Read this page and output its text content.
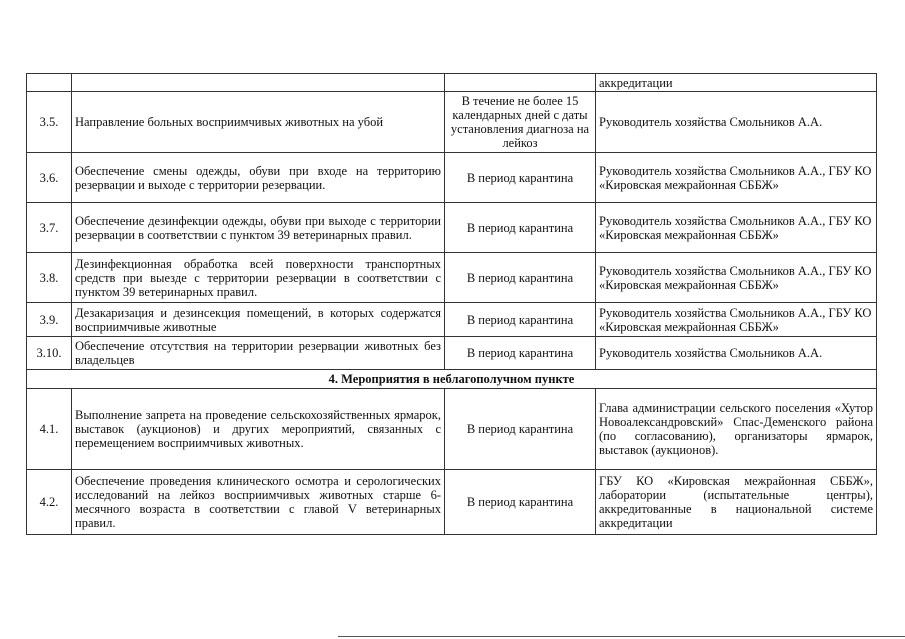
			аккредитации
3.5.	Направление больных восприимчивых животных на убой	В течение не более 15 календарных дней с даты установления диагноза на лейкоз	Руководитель хозяйства Смольников А.А.
3.6.	Обеспечение смены одежды, обуви при входе на территорию резервации и выходе с территории резервации.	В период карантина	Руководитель хозяйства Смольников А.А., ГБУ КО «Кировская межрайонная СББЖ»
3.7.	Обеспечение дезинфекции одежды, обуви при выходе с территории резервации в соответствии с пунктом 39 ветеринарных правил.	В период карантина	Руководитель хозяйства Смольников А.А., ГБУ КО «Кировская межрайонная СББЖ»
3.8.	Дезинфекционная обработка всей поверхности транспортных средств при выезде с территории резервации в соответствии с пунктом 39 ветеринарных правил.	В период карантина	Руководитель хозяйства Смольников А.А., ГБУ КО «Кировская межрайонная СББЖ»
3.9.	Дезакаризация и дезинсекция помещений, в которых содержатся восприимчивые животные	В период карантина	Руководитель хозяйства Смольников А.А., ГБУ КО «Кировская межрайонная СББЖ»
3.10.	Обеспечение отсутствия на территории резервации животных без владельцев	В период карантина	Руководитель хозяйства Смольников А.А.
4. Мероприятия в неблагополучном пункте			
4.1.	Выполнение запрета на проведение сельскохозяйственных ярмарок, выставок (аукционов) и других мероприятий, связанных с перемещением восприимчивых животных.	В период карантина	Глава администрации сельского поселения «Хутор Новоалександровский» Спас-Деменского района (по согласованию), организаторы ярмарок, выставок (аукционов).
4.2.	Обеспечение проведения клинического осмотра и серологических исследований на лейкоз восприимчивых животных старше 6-месячного возраста в соответствии с главой V ветеринарных правил.	В период карантина	ГБУ КО «Кировская межрайонная СББЖ», лаборатории (испытательные центры), аккредитованные в национальной системе аккредитации
